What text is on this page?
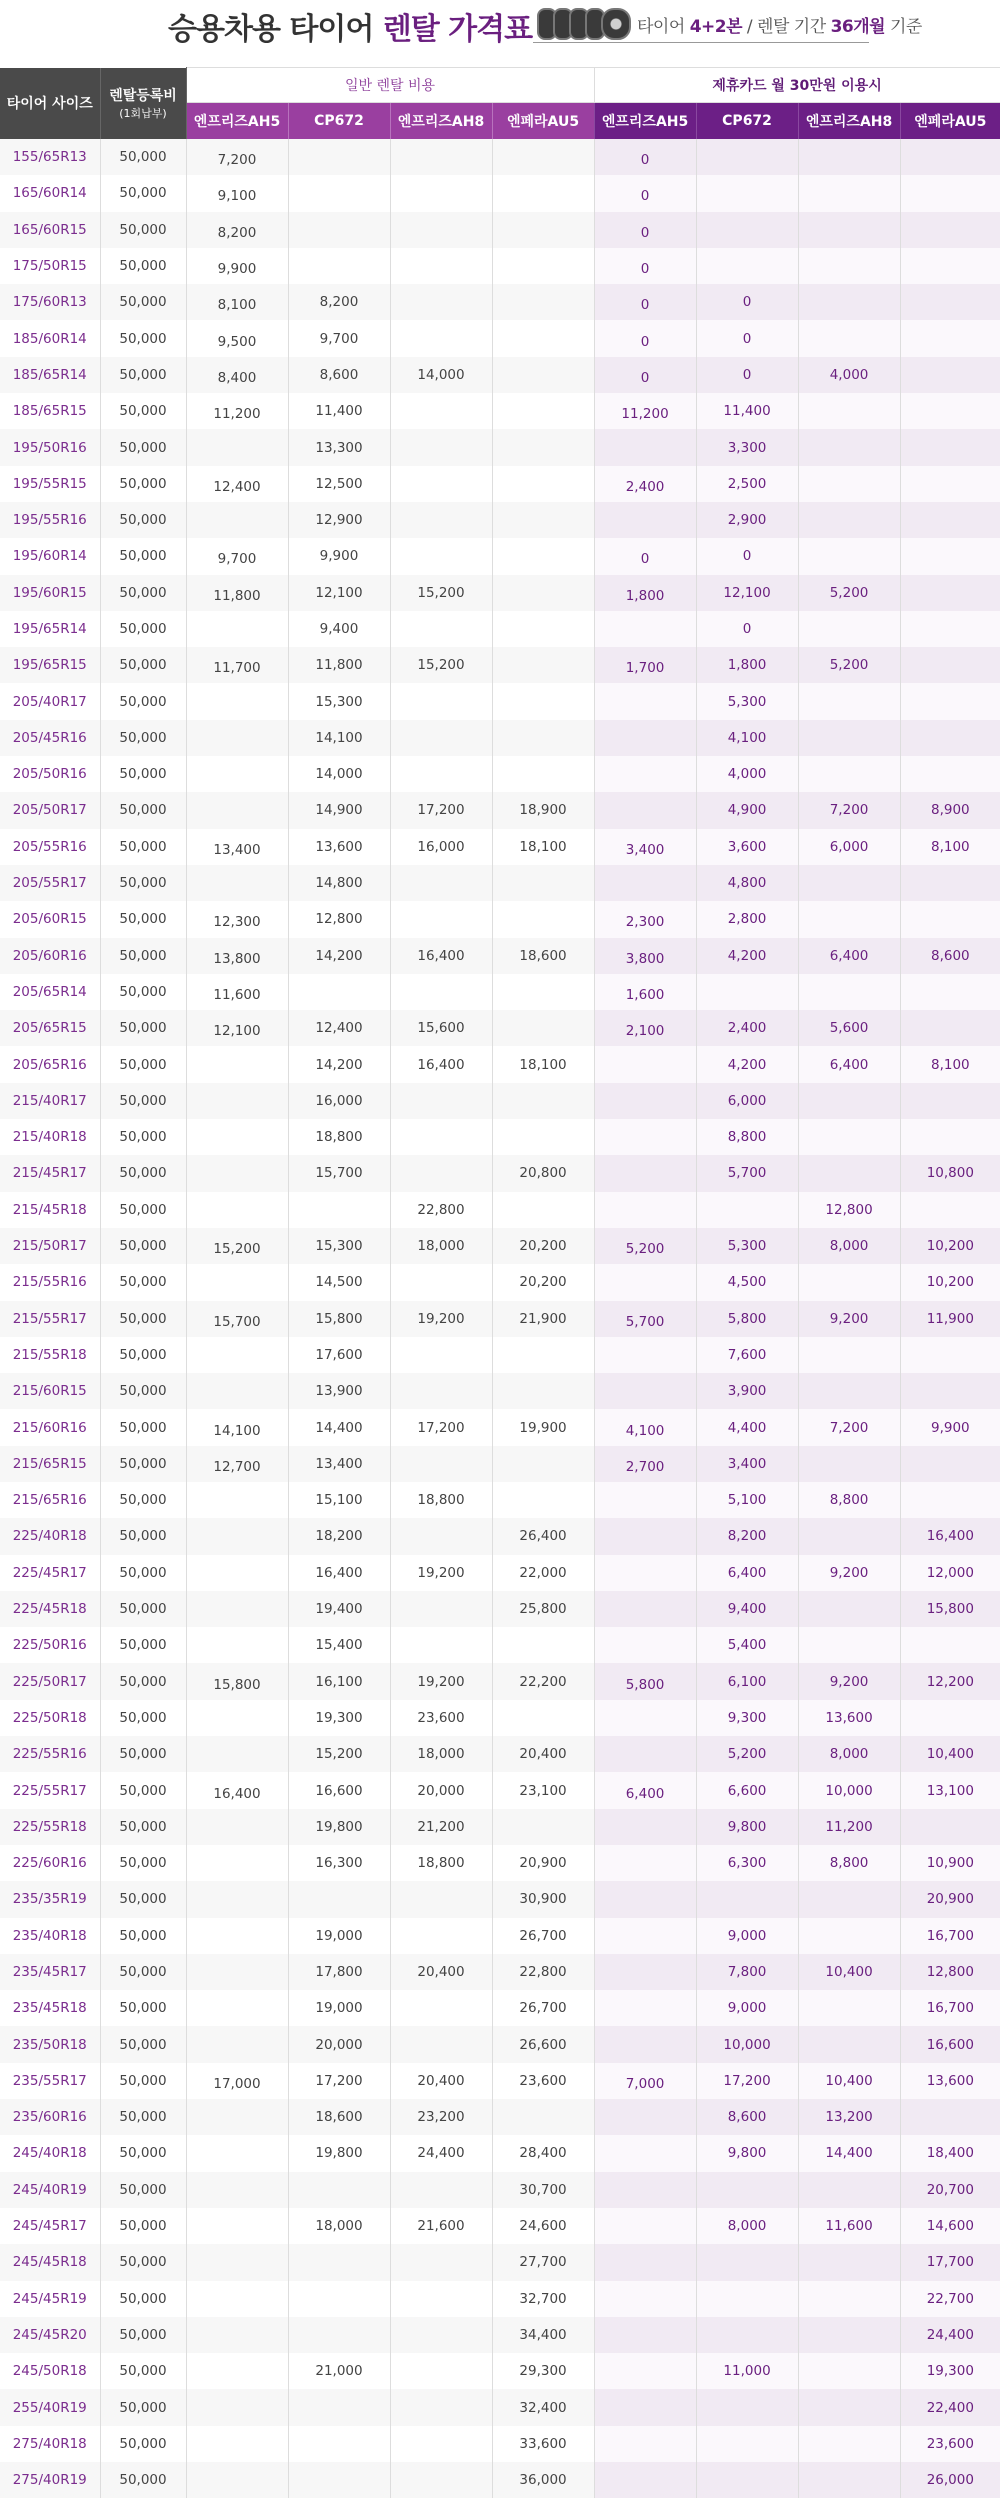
승용차용 타이어 렌탈 가격표	타이어 4+2본 / 렌탈 기간 36개월 기준
타이어 사이즈	렌탈등록비
(1회납부)	일반 렌탈 비용				제휴카드 월 30만원 이용시			
		엔프리즈AH5	CP672	엔프리즈AH8	엔페라AU5	엔프리즈AH5	CP672	엔프리즈AH8	엔페라AU5
155/65R13	50,000	7,200				0			
165/60R14	50,000	9,100				0			
165/60R15	50,000	8,200				0			
175/50R15	50,000	9,900				0			
175/60R13	50,000	8,100	8,200			0	0		
185/60R14	50,000	9,500	9,700			0	0		
185/65R14	50,000	8,400	8,600	14,000		0	0	4,000	
185/65R15	50,000	11,200	11,400			11,200	11,400		
195/50R16	50,000		13,300				3,300		
195/55R15	50,000	12,400	12,500			2,400	2,500		
195/55R16	50,000		12,900				2,900		
195/60R14	50,000	9,700	9,900			0	0		
195/60R15	50,000	11,800	12,100	15,200		1,800	12,100	5,200	
195/65R14	50,000		9,400				0		
195/65R15	50,000	11,700	11,800	15,200		1,700	1,800	5,200	
205/40R17	50,000		15,300				5,300		
205/45R16	50,000		14,100				4,100		
205/50R16	50,000		14,000				4,000		
205/50R17	50,000		14,900	17,200	18,900		4,900	7,200	8,900
205/55R16	50,000	13,400	13,600	16,000	18,100	3,400	3,600	6,000	8,100
205/55R17	50,000		14,800				4,800		
205/60R15	50,000	12,300	12,800			2,300	2,800		
205/60R16	50,000	13,800	14,200	16,400	18,600	3,800	4,200	6,400	8,600
205/65R14	50,000	11,600				1,600			
205/65R15	50,000	12,100	12,400	15,600		2,100	2,400	5,600	
205/65R16	50,000		14,200	16,400	18,100		4,200	6,400	8,100
215/40R17	50,000		16,000				6,000		
215/40R18	50,000		18,800				8,800		
215/45R17	50,000		15,700		20,800		5,700		10,800
215/45R18	50,000			22,800				12,800	
215/50R17	50,000	15,200	15,300	18,000	20,200	5,200	5,300	8,000	10,200
215/55R16	50,000		14,500		20,200		4,500		10,200
215/55R17	50,000	15,700	15,800	19,200	21,900	5,700	5,800	9,200	11,900
215/55R18	50,000		17,600				7,600		
215/60R15	50,000		13,900				3,900		
215/60R16	50,000	14,100	14,400	17,200	19,900	4,100	4,400	7,200	9,900
215/65R15	50,000	12,700	13,400			2,700	3,400		
215/65R16	50,000		15,100	18,800			5,100	8,800	
225/40R18	50,000		18,200		26,400		8,200		16,400
225/45R17	50,000		16,400	19,200	22,000		6,400	9,200	12,000
225/45R18	50,000		19,400		25,800		9,400		15,800
225/50R16	50,000		15,400				5,400		
225/50R17	50,000	15,800	16,100	19,200	22,200	5,800	6,100	9,200	12,200
225/50R18	50,000		19,300	23,600			9,300	13,600	
225/55R16	50,000		15,200	18,000	20,400		5,200	8,000	10,400
225/55R17	50,000	16,400	16,600	20,000	23,100	6,400	6,600	10,000	13,100
225/55R18	50,000		19,800	21,200			9,800	11,200	
225/60R16	50,000		16,300	18,800	20,900		6,300	8,800	10,900
235/35R19	50,000				30,900				20,900
235/40R18	50,000		19,000		26,700		9,000		16,700
235/45R17	50,000		17,800	20,400	22,800		7,800	10,400	12,800
235/45R18	50,000		19,000		26,700		9,000		16,700
235/50R18	50,000		20,000		26,600		10,000		16,600
235/55R17	50,000	17,000	17,200	20,400	23,600	7,000	17,200	10,400	13,600
235/60R16	50,000		18,600	23,200			8,600	13,200	
245/40R18	50,000		19,800	24,400	28,400		9,800	14,400	18,400
245/40R19	50,000				30,700				20,700
245/45R17	50,000		18,000	21,600	24,600		8,000	11,600	14,600
245/45R18	50,000				27,700				17,700
245/45R19	50,000				32,700				22,700
245/45R20	50,000				34,400				24,400
245/50R18	50,000		21,000		29,300		11,000		19,300
255/40R19	50,000				32,400				22,400
275/40R18	50,000				33,600				23,600
275/40R19	50,000				36,000				26,000
